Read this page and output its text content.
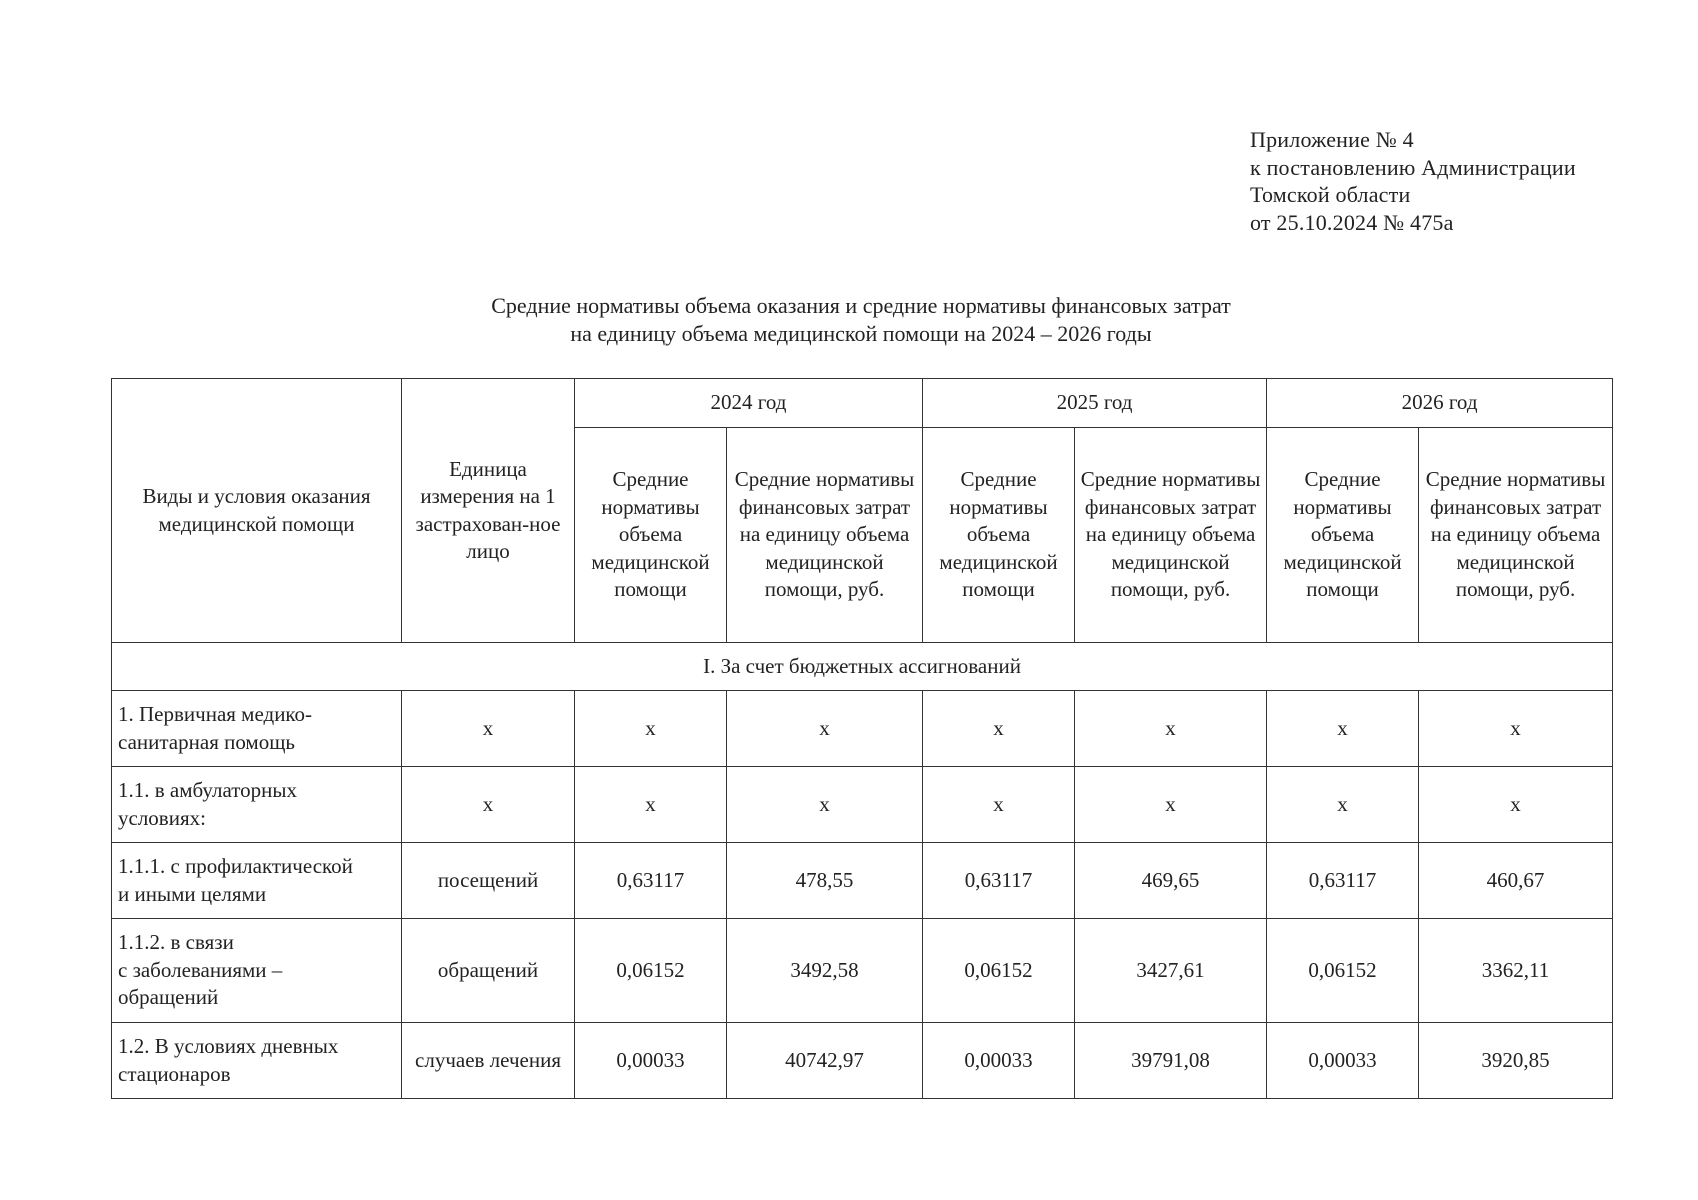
Приложение № 4
к постановлению Администрации
Томской области
от 25.10.2024 № 475а
Средние нормативы объема оказания и средние нормативы финансовых затрат
на единицу объема медицинской помощи на 2024 – 2026 годы
Виды и условия оказания медицинской помощи	Единица измерения на 1 застрахован-ное лицо	2024 год		2025 год		2026 год	
		Средние нормативы объема медицинской помощи	Средние нормативы финансовых затрат на единицу объема медицинской помощи, руб.	Средние нормативы объема медицинской помощи	Средние нормативы финансовых затрат на единицу объема медицинской помощи, руб.	Средние нормативы объема медицинской помощи	Средние нормативы финансовых затрат на единицу объема медицинской помощи, руб.
I. За счет бюджетных ассигнований							
1. Первичная медико-
санитарная помощь	х	х	х	х	х	х	х
1.1. в амбулаторных
условиях:	х	х	х	х	х	х	х
1.1.1. с профилактической
и иными целями	посещений	0,63117	478,55	0,63117	469,65	0,63117	460,67
1.1.2. в связи
с заболеваниями –
обращений	обращений	0,06152	3492,58	0,06152	3427,61	0,06152	3362,11
1.2. В условиях дневных
стационаров	случаев лечения	0,00033	40742,97	0,00033	39791,08	0,00033	3920,85
